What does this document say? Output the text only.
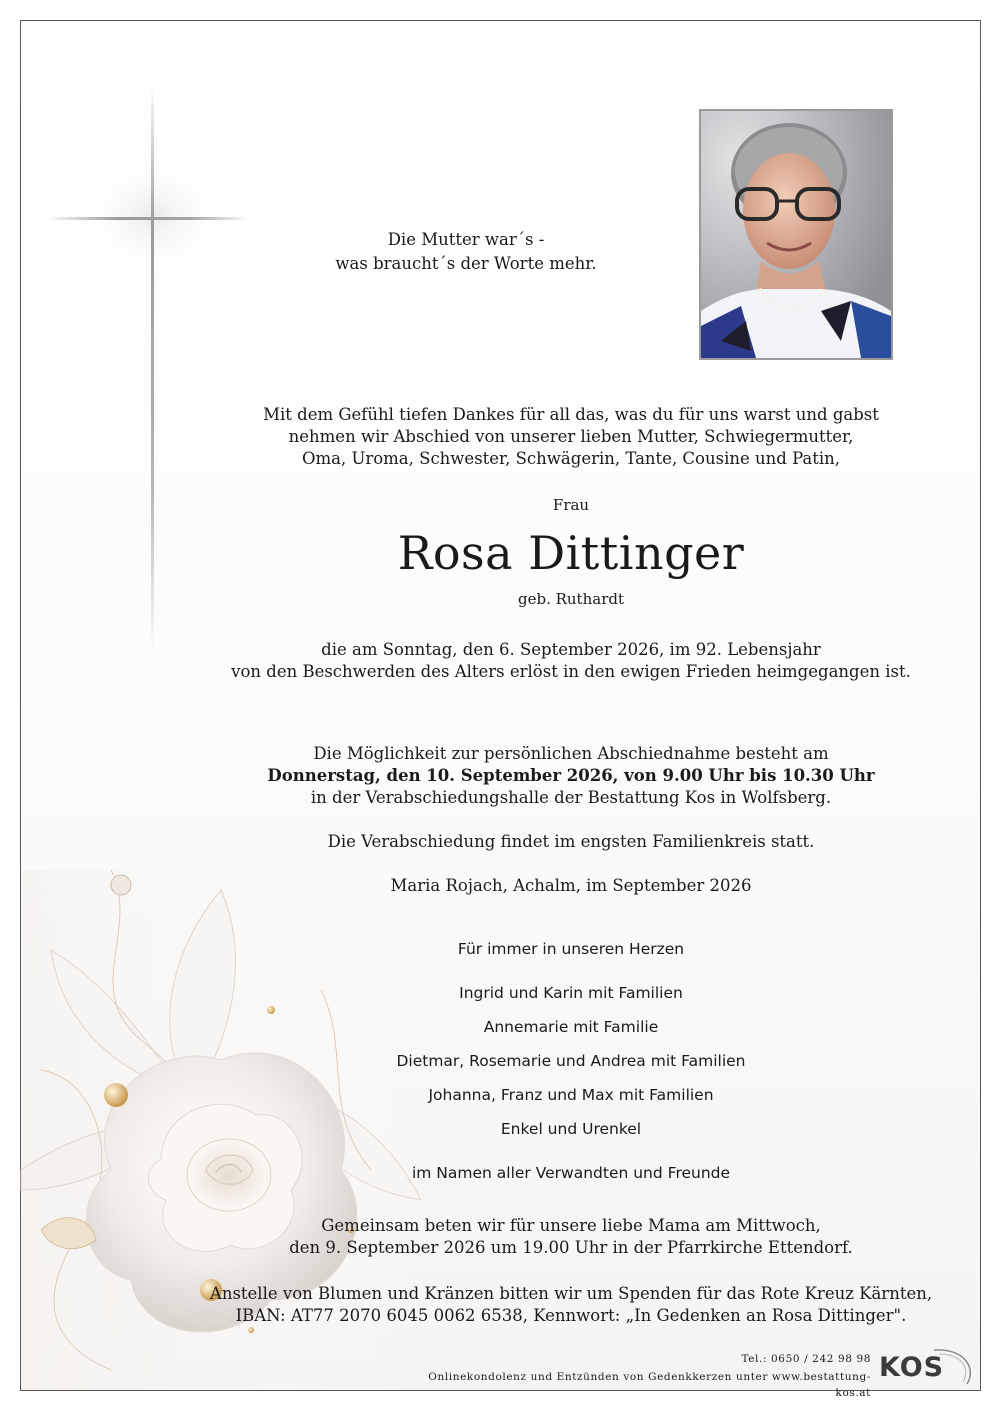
Die Mutter war´s -
was braucht´s der Worte mehr.
Mit dem Gefühl tiefen Dankes für all das, was du für uns warst und gabst
nehmen wir Abschied von unserer lieben Mutter, Schwiegermutter,
Oma, Uroma, Schwester, Schwägerin, Tante, Cousine und Patin,
Frau
Rosa Dittinger
geb. Ruthardt
die am Sonntag, den 6. September 2026, im 92. Lebensjahr
von den Beschwerden des Alters erlöst in den ewigen Frieden heimgegangen ist.
Die Möglichkeit zur persönlichen Abschiednahme besteht am
Donnerstag, den 10. September 2026, von 9.00 Uhr bis 10.30 Uhr
in der Verabschiedungshalle der Bestattung Kos in Wolfsberg.
Die Verabschiedung findet im engsten Familienkreis statt.
Maria Rojach, Achalm, im September 2026
Für immer in unseren Herzen
Ingrid und Karin mit Familien
Annemarie mit Familie
Dietmar, Rosemarie und Andrea mit Familien
Johanna, Franz und Max mit Familien
Enkel und Urenkel
im Namen aller Verwandten und Freunde
Gemeinsam beten wir für unsere liebe Mama am Mittwoch,
den 9. September 2026 um 19.00 Uhr in der Pfarrkirche Ettendorf.
Anstelle von Blumen und Kränzen bitten wir um Spenden für das Rote Kreuz Kärnten,
IBAN: AT77 2070 6045 0062 6538, Kennwort: „In Gedenken an Rosa Dittinger".
Tel.: 0650 / 242 98 98
Onlinekondolenz und Entzünden von Gedenkkerzen unter www.bestattung-kos.at
KOS
